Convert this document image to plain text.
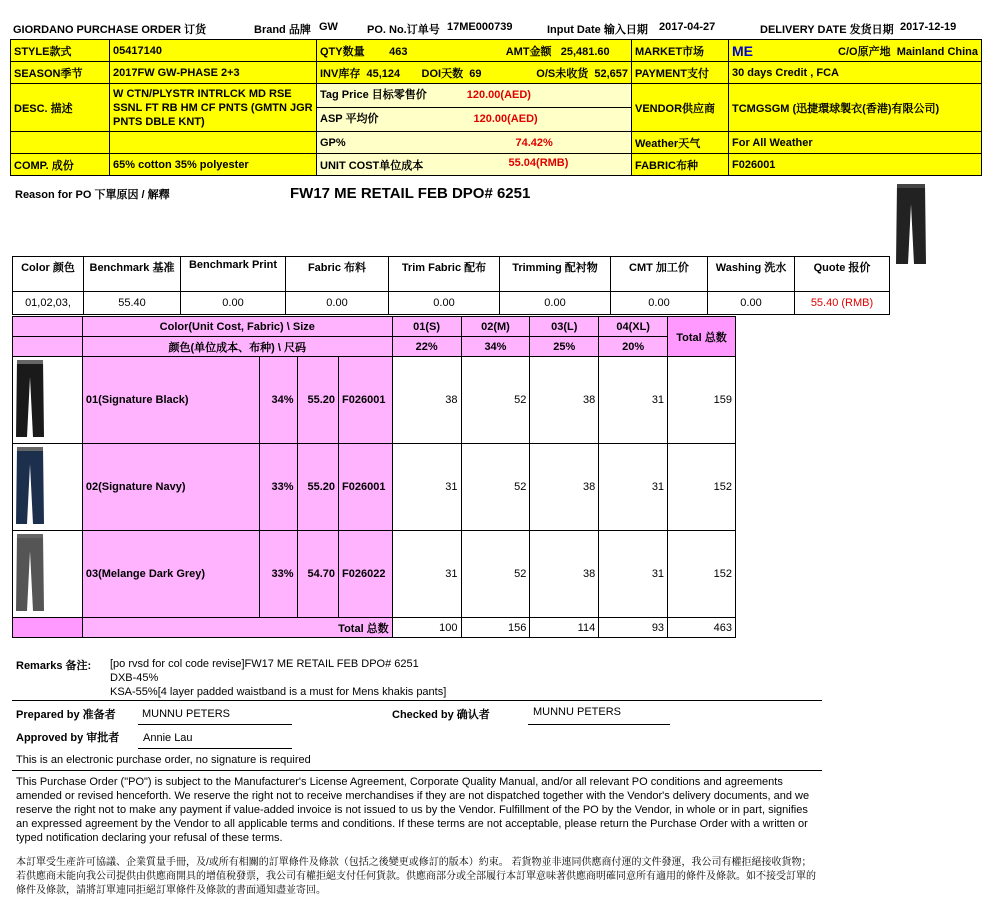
GIORDANO PURCHASE ORDER 订货	Brand 品牌 GW	PO. No.订单号 17ME000739	Input Date 输入日期 2017-04-27	DELIVERY DATE 发货日期 2017-12-19
STYLE款式	05417140	QTY数量 463 AMT金额 25,481.60	MARKET市场	ME C/O原产地 Mainland China

SEASON季节	2017FW GW-PHASE 2+3	INV库存 45,124 DOI天数 69 O/S未收货 52,657	PAYMENT支付	30 days Credit , FCA
DESC. 描述	W CTN/PLYSTR INTRLCK MD RSE SSNL FT RB HM CF PNTS (GMTN JGR PNTS DBLE KNT)	Tag Price 目标零售价 120.00(AED)
ASP 平均价 120.00(AED)	VENDOR供应商	TCMGSGM (迅捷環球製衣(香港)有限公司)
		GP% 74.42%	Weather天气	For All Weather
COMP. 成份	65% cotton 35% polyester	UNIT COST单位成本 55.04(RMB)	FABRIC布种	F026001
Reason for PO 下單原因 / 解釋	FW17 ME RETAIL FEB DPO# 6251
Color 颜色	Benchmark 基准	Benchmark Print	Fabric 布料	Trim Fabric 配布	Trimming 配衬物	CMT 加工价	Washing 洗水	Quote 报价
01,02,03,	55.40	0.00	0.00	0.00	0.00	0.00	0.00	55.40 (RMB)
	Color(Unit Cost, Fabric) \ Size				01(S)	02(M)	03(L)	04(XL)	Total 总数
	颜色(单位成本、布种) \ 尺码				22%	34%	25%	20%	
	01(Signature Black)	34%	55.20	F026001	38	52	38	31	159
	02(Signature Navy)	33%	55.20	F026001	31	52	38	31	152
	03(Melange Dark Grey)	33%	54.70	F026022	31	52	38	31	152
	Total 总数				100	156	114	93	463
Remarks 备注: [po rvsd for col code revise]FW17 ME RETAIL FEB DPO# 6251
DXB-45%
KSA-55%[4 layer padded waistband is a must for Mens khakis pants]
Prepared by 准备者 MUNNU PETERS	Checked by 确认者	MUNNU PETERS
Approved by 审批者 Annie Lau
This is an electronic purchase order, no signature is required
This Purchase Order ("PO") is subject to the Manufacturer's License Agreement, Corporate Quality Manual, and/or all relevant PO conditions and agreements amended or revised henceforth. We reserve the right not to receive merchandises if they are not dispatched together with the Vendor's delivery documents, and we reserve the right not to make any payment if value-added invoice is not issued to us by the Vendor. Fulfillment of the PO by the Vendor, in whole or in part, signifies an expressed agreement by the Vendor to all applicable terms and conditions. If these terms are not acceptable, please return the Purchase Order with a written or typed notification declaring your refusal of these terms.
本訂單受生產許可協議、企業質量手冊，及/或所有相關的訂單條件及條款（包括之後變更或修訂的版本）約束。 若貨物並非連同供應商付運的文件發運，我公司有權拒絕接收貨物；若供應商未能向我公司提供由供應商開具的增值稅發票，我公司有權拒絕支付任何貨款。供應商部分或全部履行本訂單意味著供應商明確同意所有適用的條件及條款。如不接受訂單的條件及條款，請將訂單連同拒絕訂單條件及條款的書面通知盡並寄回。
